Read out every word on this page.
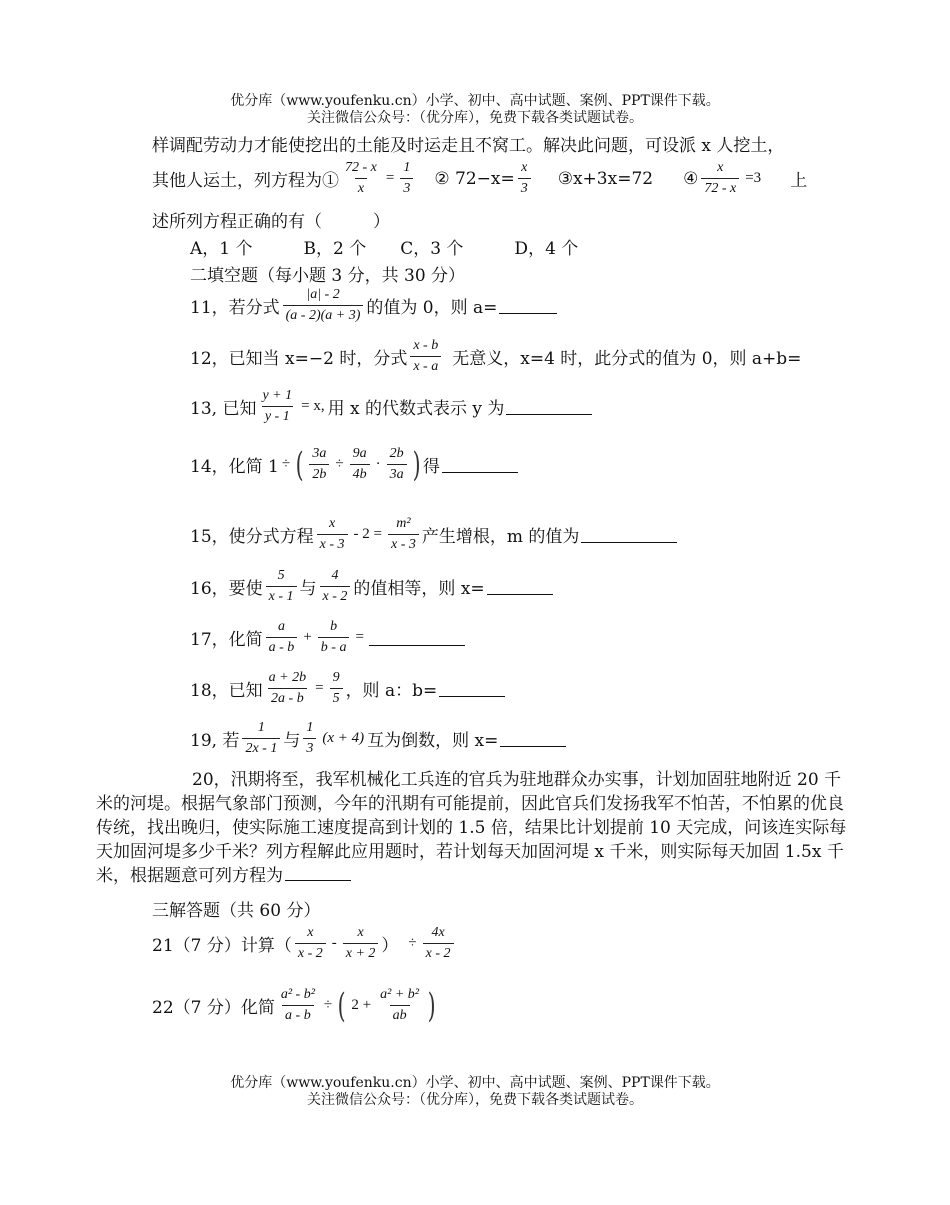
优分库（www.youfenku.cn）小学、初中、高中试题、案例、PPT课件下载。
关注微信公众号：（优分库），免费下载各类试题试卷。
样调配劳动力才能使挖出的土能及时运走且不窝工。解决此问题，可设派 x 人挖土，
其他人运土，列方程为① $\frac{72 - x}{x} = \frac{1}{3}$ ② $72-x= \frac{x}{3}$ ③x+3x=72 ④ $\frac{x}{72 - x} =3$ 上
述所列方程正确的有（　　　）
A，1 个　　　B，2 个　　C，3 个　　　D，4 个
二填空题（每小题 3 分，共 30 分）
11，若分式 $\frac{|a| - 2}{(a - 2)(a + 3)}$ 的值为 0，则 a=
12，已知当 x=−2 时，分式 $\frac{x - b}{x - a}$ 无意义，x=4 时，此分式的值为 0，则 a+b=
13, 已知 $\frac{y + 1}{y - 1} = x$, 用 x 的代数式表示 y 为
14，化简 1 ÷ ( $\frac{3a}{2b} \div \frac{9a}{4b} \cdot \frac{2b}{3a}$ ) 得
15，使分式方程 $\frac{x}{x - 3} - 2 = \frac{\text{m²}}{x - 3}$ 产生增根，m 的值为
16，要使 $\frac{5}{x - 1}$ 与 $\frac{4}{x - 2}$ 的值相等，则 x=
17，化简 $\frac{a}{a - b} + \frac{b}{b - a}$ =
18，已知 $\frac{a + 2b}{2a - b} = \frac{9}{5}$ ，则 a：b=
19, 若 $\frac{1}{2x - 1}$ 与 $\frac{1}{3} (x + 4)$ 互为倒数，则 x=
20，汛期将至，我军机械化工兵连的官兵为驻地群众办实事，计划加固驻地附近 20 千米的河堤。根据气象部门预测，今年的汛期有可能提前，因此官兵们发扬我军不怕苦，不怕累的优良传统，找出晚归，使实际施工速度提高到计划的 1.5 倍，结果比计划提前 10 天完成，问该连实际每天加固河堤多少千米？列方程解此应用题时，若计划每天加固河堤 x 千米，则实际每天加固 1.5x 千米，根据题意可列方程为
三解答题（共 60 分）
21（7 分）计算（ $\frac{x}{x - 2} - \frac{x}{x + 2}$ ） ÷ $\frac{4x}{x - 2}$
22（7 分）化简 $\frac{\text{a² - b²}}{a - b}$ ÷ ( $2 + \frac{\text{a² + b²}}{ab}$ )
优分库（www.youfenku.cn）小学、初中、高中试题、案例、PPT课件下载。
关注微信公众号：（优分库），免费下载各类试题试卷。
